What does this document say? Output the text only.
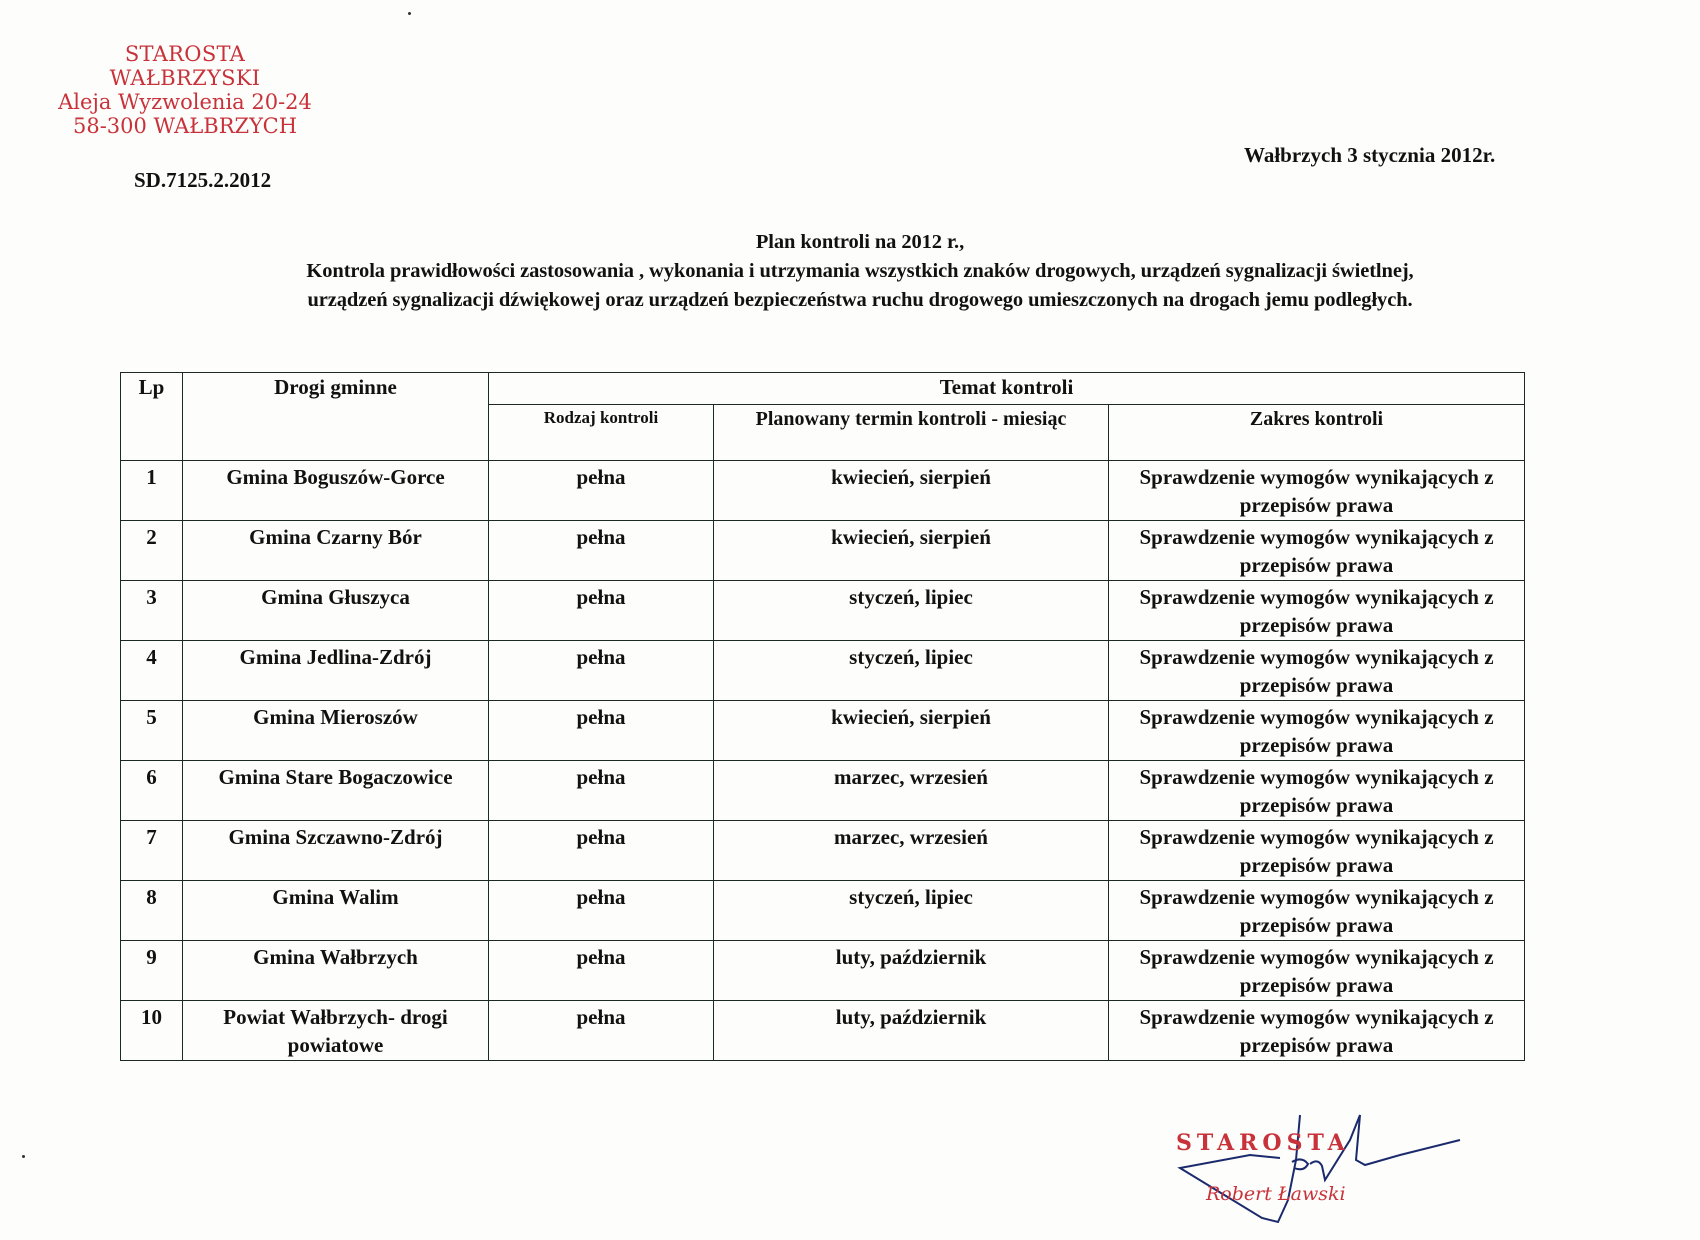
STAROSTA WAŁBRZYSKI
Aleja Wyzwolenia 20-24
58-300 WAŁBRZYCH
SD.7125.2.2012
Wałbrzych 3 stycznia 2012r.
Plan kontroli na 2012 r.,
Kontrola prawidłowości zastosowania , wykonania i utrzymania wszystkich znaków drogowych, urządzeń sygnalizacji świetlnej,
urządzeń sygnalizacji dźwiękowej oraz urządzeń bezpieczeństwa ruchu drogowego umieszczonych na drogach jemu podległych.
Lp	Drogi gminne	Temat kontroli		
		Rodzaj kontroli	Planowany termin kontroli - miesiąc	Zakres kontroli
1	Gmina Boguszów-Gorce	pełna	kwiecień, sierpień	Sprawdzenie wymogów wynikających z przepisów prawa
2	Gmina Czarny Bór	pełna	kwiecień, sierpień	Sprawdzenie wymogów wynikających z przepisów prawa
3	Gmina Głuszyca	pełna	styczeń, lipiec	Sprawdzenie wymogów wynikających z przepisów prawa
4	Gmina Jedlina-Zdrój	pełna	styczeń, lipiec	Sprawdzenie wymogów wynikających z przepisów prawa
5	Gmina Mieroszów	pełna	kwiecień, sierpień	Sprawdzenie wymogów wynikających z przepisów prawa
6	Gmina Stare Bogaczowice	pełna	marzec, wrzesień	Sprawdzenie wymogów wynikających z przepisów prawa
7	Gmina Szczawno-Zdrój	pełna	marzec, wrzesień	Sprawdzenie wymogów wynikających z przepisów prawa
8	Gmina Walim	pełna	styczeń, lipiec	Sprawdzenie wymogów wynikających z przepisów prawa
9	Gmina Wałbrzych	pełna	luty, październik	Sprawdzenie wymogów wynikających z przepisów prawa
10	Powiat Wałbrzych- drogi powiatowe	pełna	luty, październik	Sprawdzenie wymogów wynikających z przepisów prawa
STAROSTA
Robert Ławski
